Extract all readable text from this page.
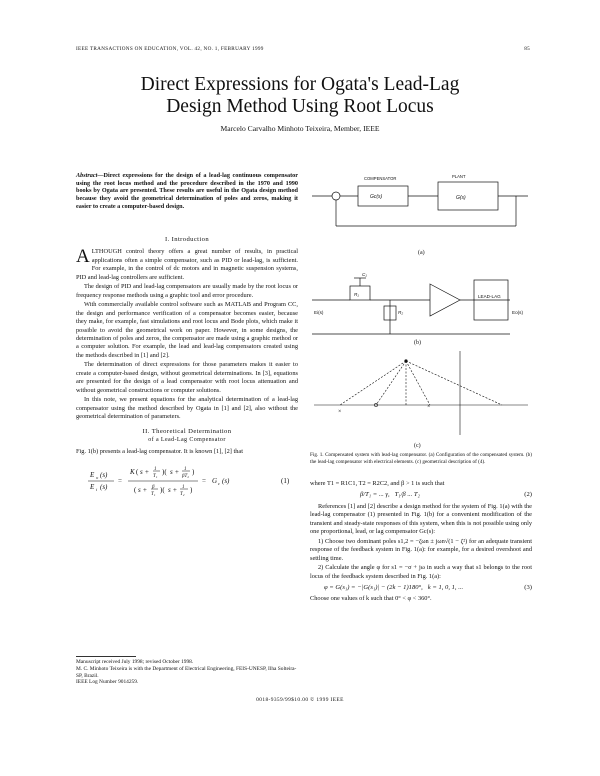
IEEE TRANSACTIONS ON EDUCATION, VOL. 42, NO. 1, FEBRUARY 1999	85
Direct Expressions for Ogata's Lead-Lag
Design Method Using Root Locus
Marcelo Carvalho Minhoto Teixeira, Member, IEEE
Abstract—Direct expressions for the design of a lead-lag continuous compensator using the root locus method and the procedure described in the 1970 and 1990 books by Ogata are presented. These results are useful in the Ogata design method because they avoid the geometrical determination of poles and zeros, making it easier to create a computer-based design.
I. Introduction

ALTHOUGH control theory offers a great number of results, in practical applications often a simple compensator, such as PID or lead-lag, is sufficient. For example, in the control of dc motors and in magnetic suspension systems, PID and lead-lag controllers are sufficient.

The design of PID and lead-lag compensators are usually made by the root locus or frequency response methods using a graphic tool and error procedure.

With commercially available control software such as MATLAB and Program CC, the design and performance verification of a compensator becomes easier, because they make, for example, fast simulations and root locus and Bode plots, which make it possible to avoid the geometrical work on paper. However, in some designs, the determination of poles and zeros, the compensator are made using a graphic method or a computer solution. For example, the lead and lead-lag compensators created using the methods described in [1] and [2].

The determination of direct expressions for those parameters makes it easier to create a computer-based design, without geometrical determinations. In [3], equations are presented for the design of a lead compensator with root locus attenuation and without geometrical constructions or computer solutions.

In this note, we present equations for the analytical determination of a lead-lag compensator using the method described by Ogata in [1] and [2], also without the geometrical determination of parameters.

II. Theoretical Determination
of a Lead-Lag Compensator

Fig. 1(b) presents a lead-lag compensator. It is known [1], [2] that

E o (s)
E i (s)
=
K ( s + 1
T₁
)( s + 1
βT₂
)
( s + β
T₁
)( s + 1
T₂
)
= G c (s)	(1)
Manuscript received July 1998; revised October 1998.
M. C. Minhoto Teixeira is with the Department of Electrical Engineering, FEIS-UNESP, Ilha Solteira-SP, Brazil.
IEEE Log Number 9014259.
COMPENSATOR	PLANT
Gc(s)	G(s)
(a)
Ei(s)	Eo(s)
LEAD-LAG
R₁
R₂
C₁
(b)
×
×
(c)
Fig. 1. Compensated system with lead-lag compensator. (a) Configuration of the compensated system. (b) the lead-lag compensator with electrical elements. (c) geometrical description of (4).

where T1 = R1C1, T2 = R2C2, and β > 1 is such that

β/T₁ = ... γ,   T₁/β ... T₂	(2)

References [1] and [2] describe a design method for the system of Fig. 1(a) with the lead-lag compensator (1) presented in Fig. 1(b) for a convenient modification of the transient and steady-state responses of this system, when this is not possible using only one proportional, lead, or lag compensator Gc(s):

1) Choose two dominant poles s1,2 = −ζωn ± jωn√(1 − ζ²) for an adequate transient response of the feedback system in Fig. 1(a): for example, for a desired overshoot and settling time.

2) Calculate the angle φ for s1 = −σ + jω in such a way that s1 belongs to the root locus of the feedback system described in Fig. 1(a):

φ = G(s₁) = −|G(s₁)| − (2k − 1)180°,   k = 1, 0, 1, ...	(3)

Choose one values of k such that 0° < φ < 360°.

0018-9359/99$10.00 © 1999 IEEE
